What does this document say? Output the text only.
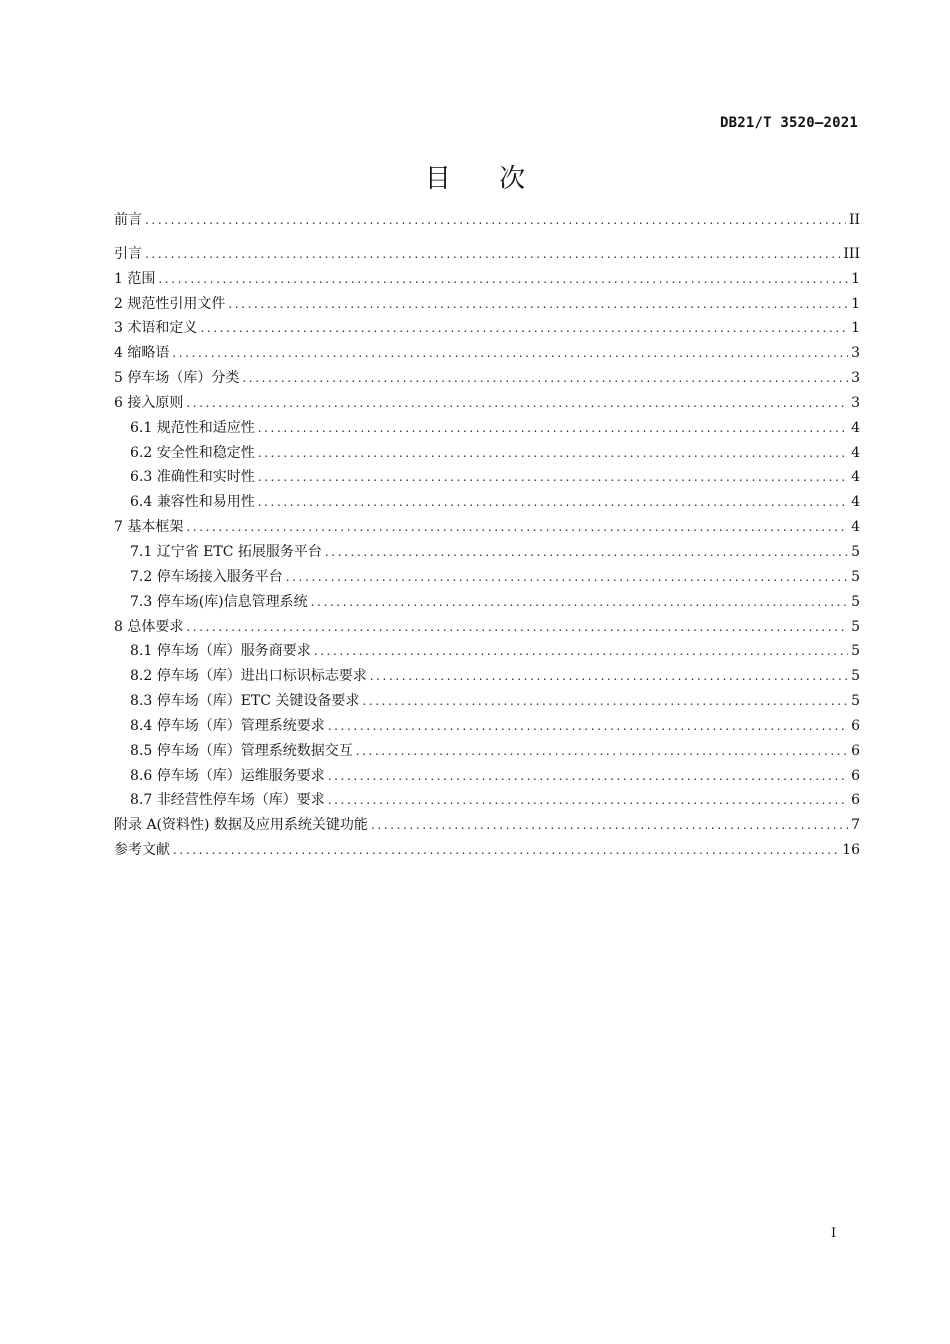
DB21/T 3520—2021
目 次
前言 .....	II
引言 .....	III
1 范围 .....	1
2 规范性引用文件 .....	1
3 术语和定义 .....	1
4 缩略语 .....	3
5 停车场（库）分类 .....	3
6 接入原则 .....	3
6.1 规范性和适应性 .....	4
6.2 安全性和稳定性 .....	4
6.3 准确性和实时性 .....	4
6.4 兼容性和易用性 .....	4
7 基本框架 .....	4
7.1 辽宁省 ETC 拓展服务平台 .....	5
7.2 停车场接入服务平台 .....	5
7.3 停车场(库)信息管理系统 .....	5
8 总体要求 .....	5
8.1 停车场（库）服务商要求 .....	5
8.2 停车场（库）进出口标识标志要求 .....	5
8.3 停车场（库）ETC 关键设备要求 .....	5
8.4 停车场（库）管理系统要求 .....	6
8.5 停车场（库）管理系统数据交互 .....	6
8.6 停车场（库）运维服务要求 .....	6
8.7 非经营性停车场（库）要求 .....	6
附录 A(资料性) 数据及应用系统关键功能 .....	7
参考文献 .....	16
I
